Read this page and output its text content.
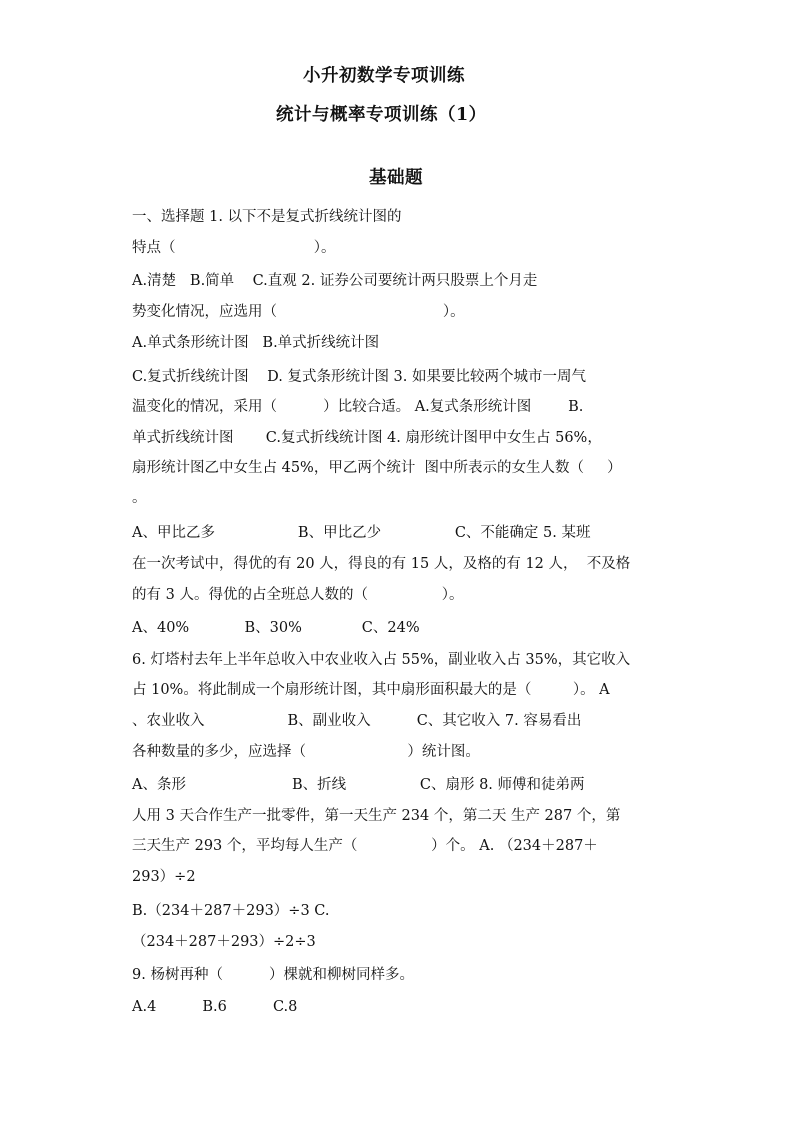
小升初数学专项训练
统计与概率专项训练（1）
基础题
一、选择题 1. 以下不是复式折线统计图的
特点（                              ）。
A.清楚   B.简单    C.直观 2. 证券公司要统计两只股票上个月走
势变化情况，应选用（                                    ）。
A.单式条形统计图   B.单式折线统计图
C.复式折线统计图    D. 复式条形统计图 3. 如果要比较两个城市一周气
温变化的情况，采用（          ）比较合适。 A.复式条形统计图        B.
单式折线统计图       C.复式折线统计图 4. 扇形统计图甲中女生占 56%，
扇形统计图乙中女生占 45%，甲乙两个统计  图中所表示的女生人数（     ）
。
A、甲比乙多                  B、甲比乙少                C、不能确定 5. 某班
在一次考试中，得优的有 20 人，得良的有 15 人，及格的有 12 人，  不及格
的有 3 人。得优的占全班总人数的（                ）。
A、40%            B、30%             C、24%
6. 灯塔村去年上半年总收入中农业收入占 55%，副业收入占 35%，其它收入
占 10%。将此制成一个扇形统计图，其中扇形面积最大的是（         ）。 A
、农业收入                  B、副业收入          C、其它收入 7. 容易看出
各种数量的多少，应选择（                      ）统计图。
A、条形                       B、折线                C、扇形 8. 师傅和徒弟两
人用 3 天合作生产一批零件，第一天生产 234 个，第二天 生产 287 个，第
三天生产 293 个，平均每人生产（                ）个。 A. （234＋287＋
293）÷2
B.（234＋287＋293）÷3 C.
（234＋287＋293）÷2÷3
9. 杨树再种（          ）棵就和柳树同样多。
A.4          B.6          C.8
